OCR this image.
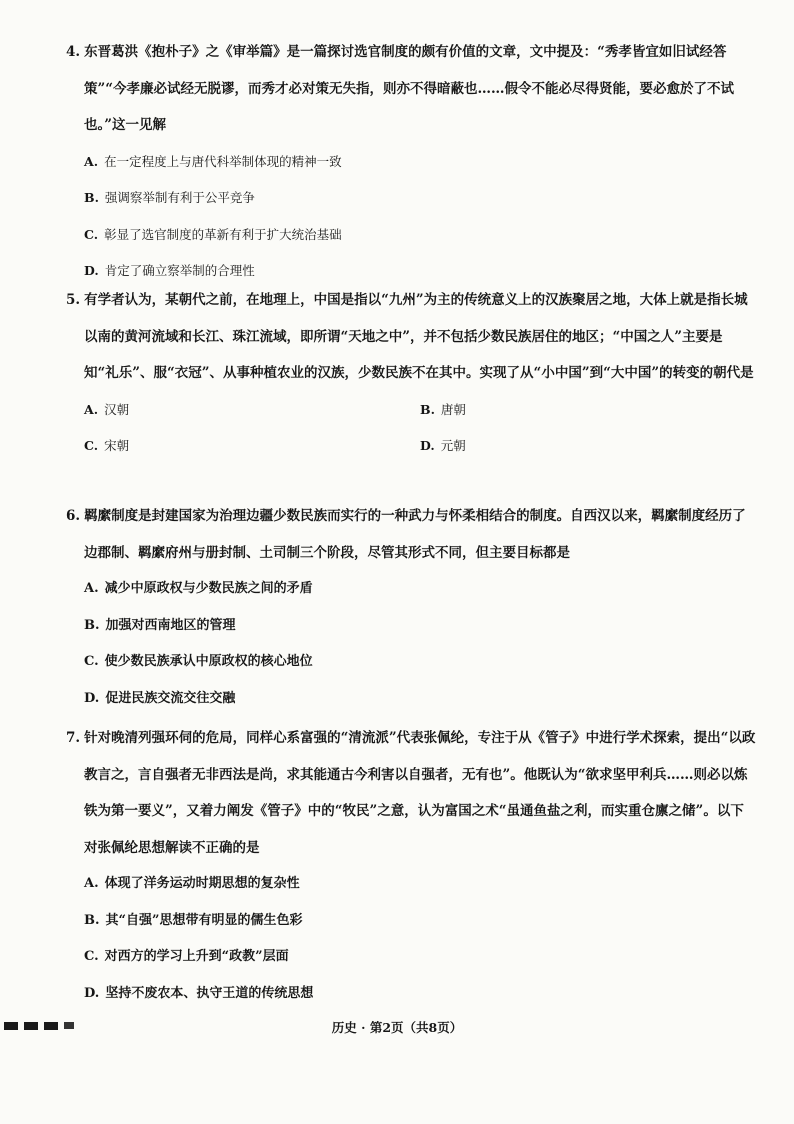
4. 东晋葛洪《抱朴子》之《审举篇》是一篇探讨选官制度的颇有价值的文章，文中提及：“秀孝皆宜如旧试经答策”“今孝廉必试经无脱谬，而秀才必对策无失指，则亦不得暗蔽也……假令不能必尽得贤能，要必愈於了不试也。”这一见解

A. 在一定程度上与唐代科举制体现的精神一致

B. 强调察举制有利于公平竞争

C. 彰显了选官制度的革新有利于扩大统治基础

D. 肯定了确立察举制的合理性

5. 有学者认为，某朝代之前，在地理上，中国是指以“九州”为主的传统意义上的汉族聚居之地，大体上就是指长城以南的黄河流域和长江、珠江流域，即所谓“天地之中”，并不包括少数民族居住的地区；“中国之人”主要是知“礼乐”、服“衣冠”、从事种植农业的汉族，少数民族不在其中。实现了从“小中国”到“大中国”的转变的朝代是

A. 汉朝	B. 唐朝

C. 宋朝	D. 元朝

6. 羁縻制度是封建国家为治理边疆少数民族而实行的一种武力与怀柔相结合的制度。自西汉以来，羁縻制度经历了边郡制、羁縻府州与册封制、土司制三个阶段，尽管其形式不同，但主要目标都是

A. 减少中原政权与少数民族之间的矛盾

B. 加强对西南地区的管理

C. 使少数民族承认中原政权的核心地位

D. 促进民族交流交往交融

7. 针对晚清列强环伺的危局，同样心系富强的“清流派”代表张佩纶，专注于从《管子》中进行学术探索，提出“以政教言之，言自强者无非西法是尚，求其能通古今利害以自强者，无有也”。他既认为“欲求坚甲利兵……则必以炼铁为第一要义”，又着力阐发《管子》中的“牧民”之意，认为富国之术“虽通鱼盐之利，而实重仓廪之储”。以下对张佩纶思想解读不正确的是

A. 体现了洋务运动时期思想的复杂性

B. 其“自强”思想带有明显的儒生色彩

C. 对西方的学习上升到“政教”层面

D. 坚持不废农本、执守王道的传统思想

历史 · 第2页（共8页）
